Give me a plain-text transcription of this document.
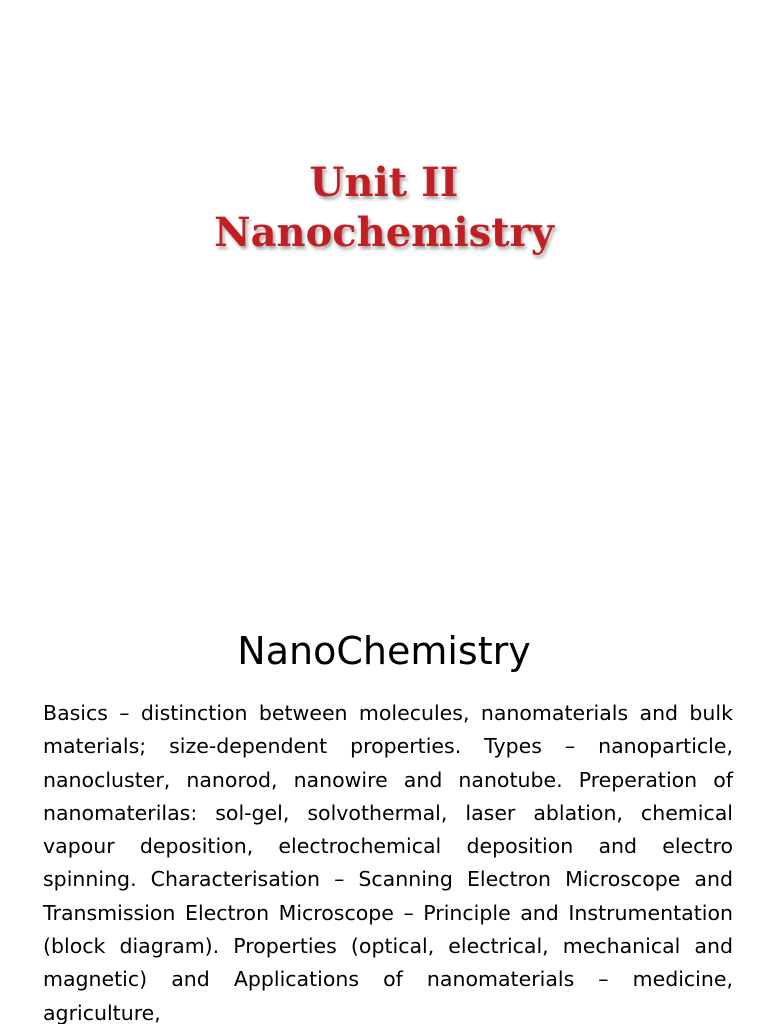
Unit II
Nanochemistry
NanoChemistry

Basics – distinction between molecules, nanomaterials and bulk materials; size-dependent properties. Types – nanoparticle, nanocluster, nanorod, nanowire and nanotube. Preperation of nanomaterilas: sol-gel, solvothermal, laser ablation, chemical vapour deposition, electrochemical deposition and electro spinning. Characterisation – Scanning Electron Microscope and Transmission Electron Microscope – Principle and Instrumentation (block diagram). Properties (optical, electrical, mechanical and magnetic) and Applications of nanomaterials – medicine, agriculture,
